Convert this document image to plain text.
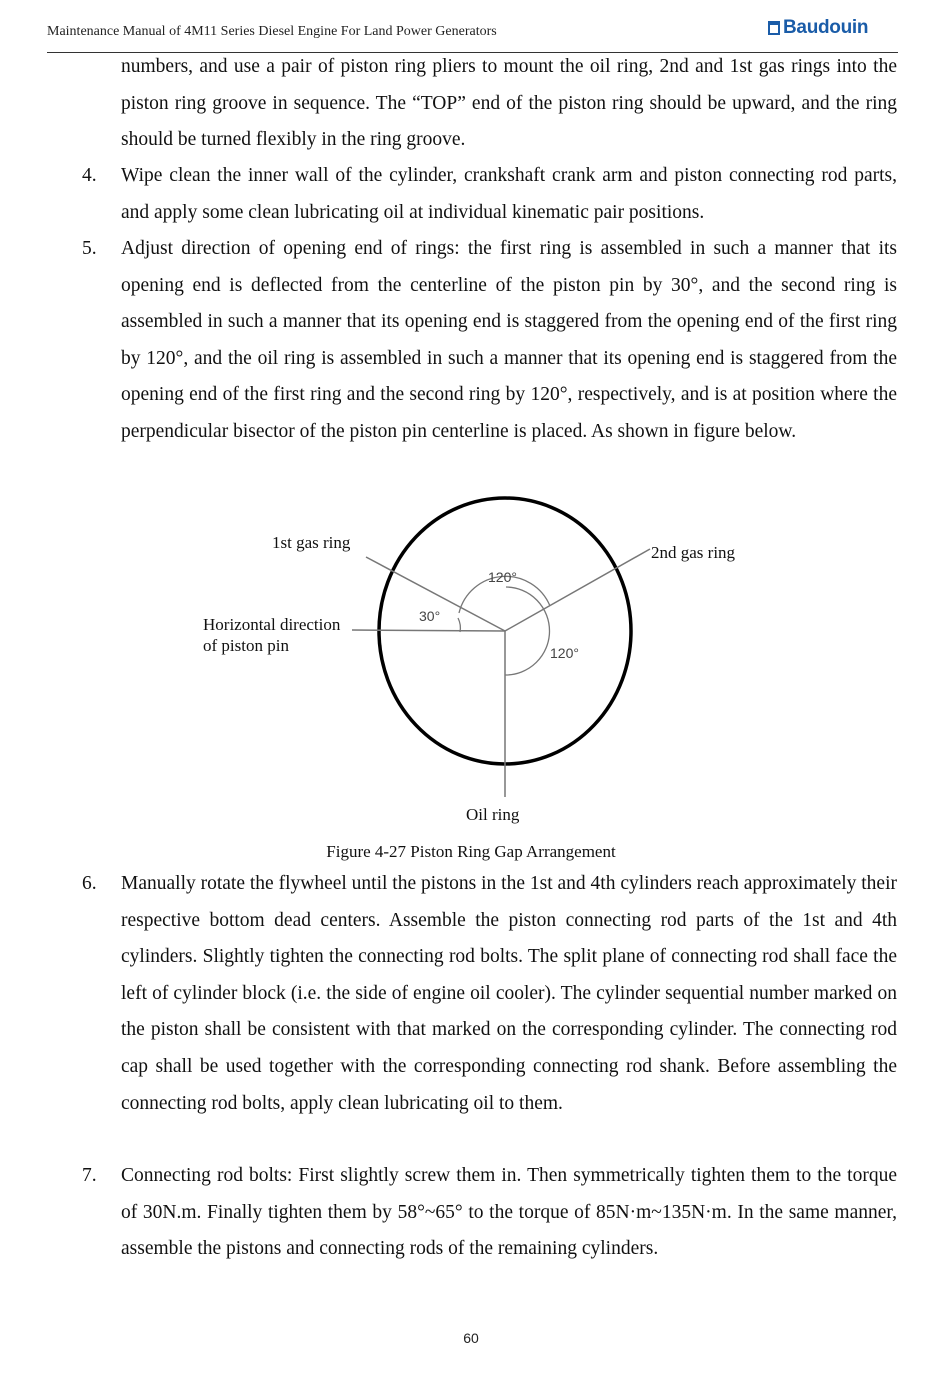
Maintenance Manual of 4M11 Series Diesel Engine For Land Power Generators	Baudouin
numbers, and use a pair of piston ring pliers to mount the oil ring, 2nd and 1st gas rings into the piston ring groove in sequence. The “TOP” end of the piston ring should be upward, and the ring should be turned flexibly in the ring groove.
4. Wipe clean the inner wall of the cylinder, crankshaft crank arm and piston connecting rod parts, and apply some clean lubricating oil at individual kinematic pair positions.
5. Adjust direction of opening end of rings: the first ring is assembled in such a manner that its opening end is deflected from the centerline of the piston pin by 30°, and the second ring is assembled in such a manner that its opening end is staggered from the opening end of the first ring by 120°, and the oil ring is assembled in such a manner that its opening end is staggered from the opening end of the first ring and the second ring by 120°, respectively, and is at position where the perpendicular bisector of the piston pin centerline is placed. As shown in figure below.
1st gas ring
2nd gas ring
Horizontal direction
of piston pin
Oil ring
30°
120°
120°
Figure 4-27 Piston Ring Gap Arrangement
6. Manually rotate the flywheel until the pistons in the 1st and 4th cylinders reach approximately their respective bottom dead centers. Assemble the piston connecting rod parts of the 1st and 4th cylinders. Slightly tighten the connecting rod bolts. The split plane of connecting rod shall face the left of cylinder block (i.e. the side of engine oil cooler). The cylinder sequential number marked on the piston shall be consistent with that marked on the corresponding cylinder. The connecting rod cap shall be used together with the corresponding connecting rod shank. Before assembling the connecting rod bolts, apply clean lubricating oil to them.
7. Connecting rod bolts: First slightly screw them in. Then symmetrically tighten them to the torque of 30N.m. Finally tighten them by 58°~65° to the torque of 85N·m~135N·m. In the same manner, assemble the pistons and connecting rods of the remaining cylinders.
60
